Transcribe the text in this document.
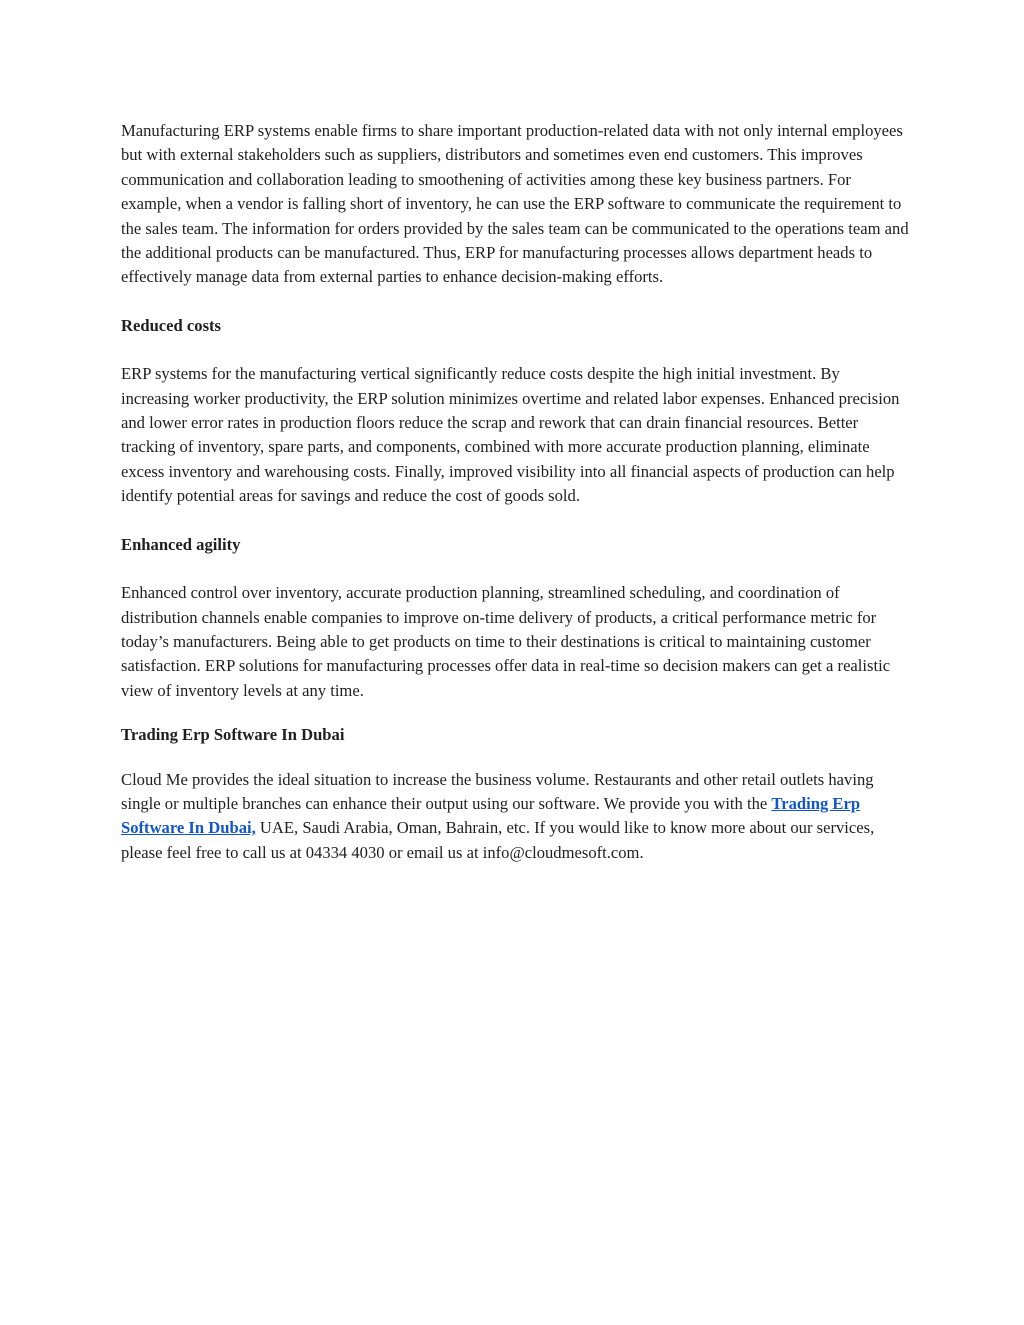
Manufacturing ERP systems enable firms to share important production-related data with not only internal employees but with external stakeholders such as suppliers, distributors and sometimes even end customers. This improves communication and collaboration leading to smoothening of activities among these key business partners. For example, when a vendor is falling short of inventory, he can use the ERP software to communicate the requirement to the sales team. The information for orders provided by the sales team can be communicated to the operations team and the additional products can be manufactured. Thus, ERP for manufacturing processes allows department heads to effectively manage data from external parties to enhance decision-making efforts.

Reduced costs

ERP systems for the manufacturing vertical significantly reduce costs despite the high initial investment. By increasing worker productivity, the ERP solution minimizes overtime and related labor expenses. Enhanced precision and lower error rates in production floors reduce the scrap and rework that can drain financial resources. Better tracking of inventory, spare parts, and components, combined with more accurate production planning, eliminate excess inventory and warehousing costs. Finally, improved visibility into all financial aspects of production can help identify potential areas for savings and reduce the cost of goods sold.

Enhanced agility

Enhanced control over inventory, accurate production planning, streamlined scheduling, and coordination of distribution channels enable companies to improve on-time delivery of products, a critical performance metric for today’s manufacturers. Being able to get products on time to their destinations is critical to maintaining customer satisfaction. ERP solutions for manufacturing processes offer data in real-time so decision makers can get a realistic view of inventory levels at any time.

Trading Erp Software In Dubai

Cloud Me provides the ideal situation to increase the business volume. Restaurants and other retail outlets having single or multiple branches can enhance their output using our software. We provide you with the Trading Erp Software In Dubai, UAE, Saudi Arabia, Oman, Bahrain, etc. If you would like to know more about our services, please feel free to call us at 04334 4030 or email us at info@cloudmesoft.com.
